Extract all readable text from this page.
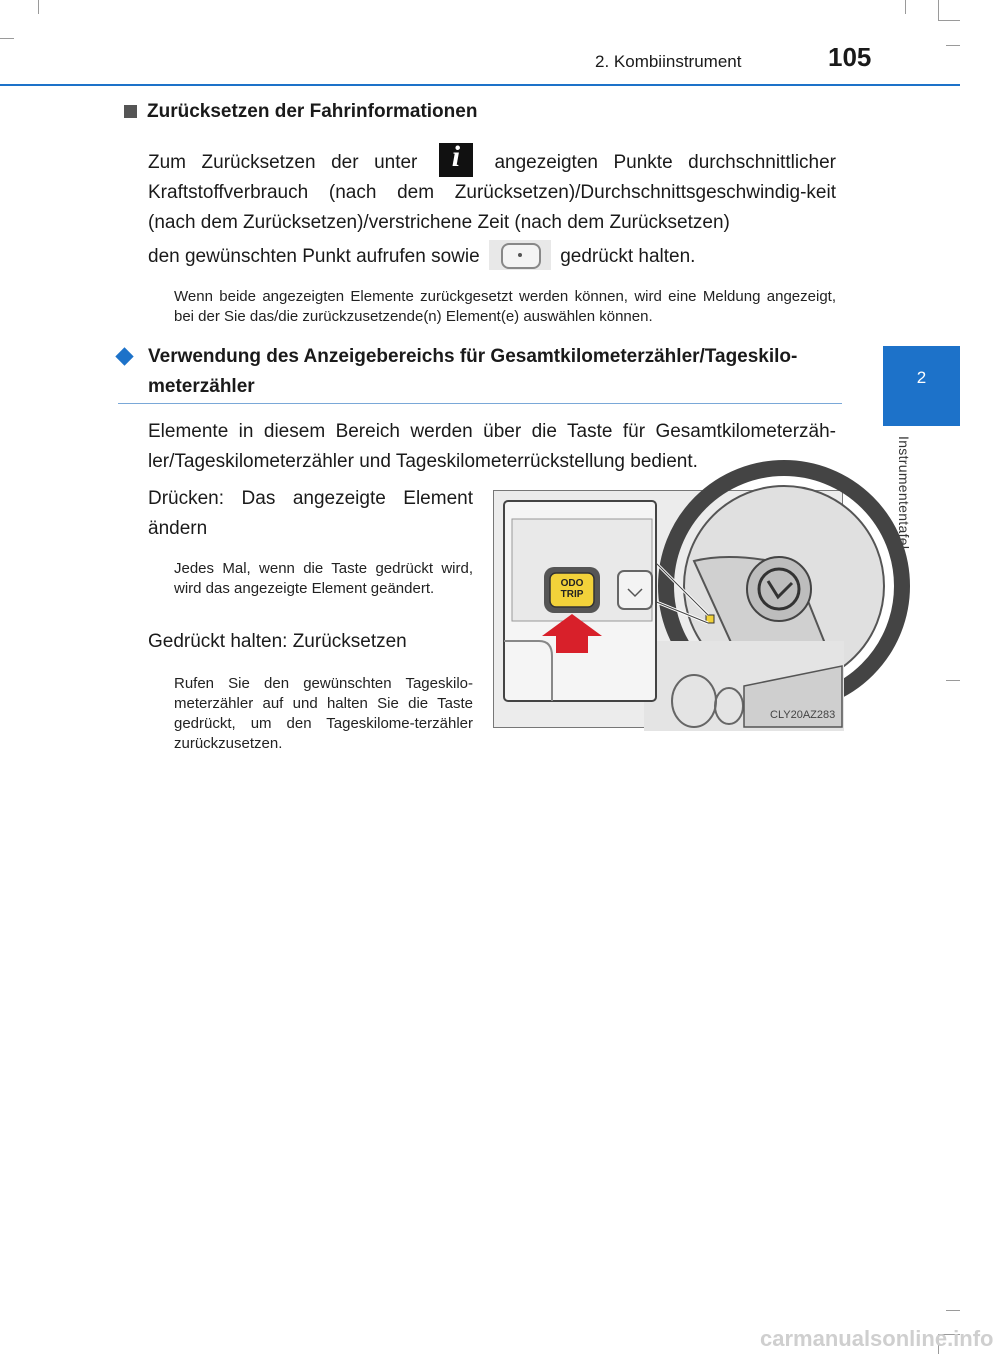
2. Kombiinstrument	105
2
Instrumententafel
Zurücksetzen der Fahrinformationen
Zum Zurücksetzen der unter	i	angezeigten Punkte durchschnittlicher Kraftstoffverbrauch (nach dem Zurücksetzen)/Durchschnittsgeschwindig-keit (nach dem Zurücksetzen)/verstrichene Zeit (nach dem Zurücksetzen)
den gewünschten Punkt aufrufen sowie	gedrückt halten.
Wenn beide angezeigten Elemente zurückgesetzt werden können, wird eine Meldung angezeigt, bei der Sie das/die zurückzusetzende(n) Element(e) auswählen können.
Verwendung des Anzeigebereichs für Gesamtkilometerzähler/Tageskilo-meterzähler
Elemente in diesem Bereich werden über die Taste für Gesamtkilometerzäh-ler/Tageskilometerzähler und Tageskilometerrückstellung bedient.
Drücken: Das angezeigte Element ändern
Jedes Mal, wenn die Taste gedrückt wird, wird das angezeigte Element geändert.
Gedrückt halten: Zurücksetzen
Rufen Sie den gewünschten Tageskilo-meterzähler auf und halten Sie die Taste gedrückt, um den Tageskilome-terzähler zurückzusetzen.
ODO
TRIP
CLY20AZ283
carmanualsonline.info
